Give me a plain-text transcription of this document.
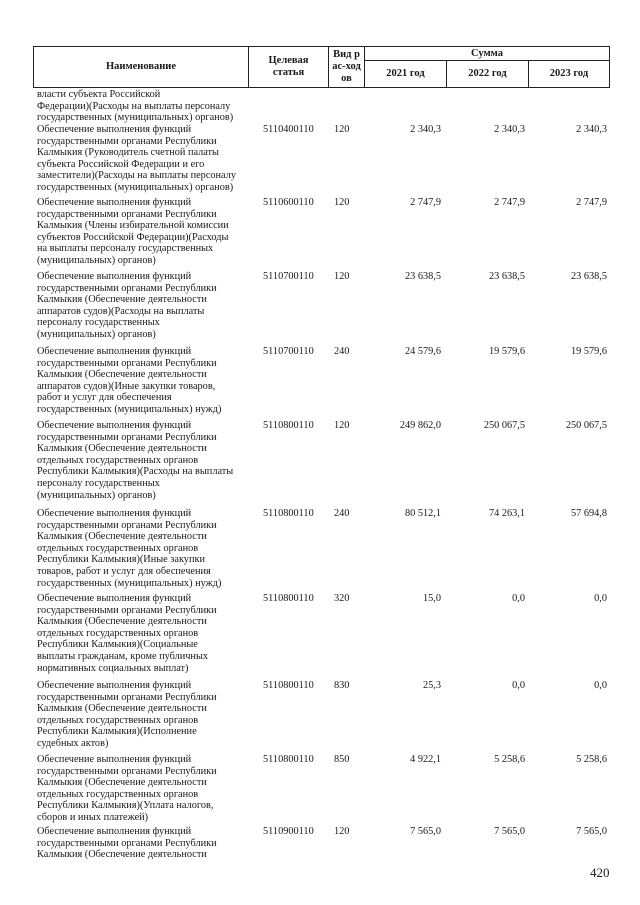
Наименование
Целевая статья
Вид рас-ходов
Сумма
2021 год	2022 год	2023 год
власти субъекта Российской
Федерации)(Расходы на выплаты персоналу
государственных (муниципальных) органов)
Обеспечение выполнения функций
государственными органами Республики
Калмыкия (Руководитель счетной палаты
субъекта Российской Федерации и его
заместители)(Расходы на выплаты персоналу
государственных (муниципальных) органов)
5110400110 120	2 340,3	2 340,3	2 340,3
Обеспечение выполнения функций
государственными органами Республики
Калмыкия (Члены избирательной комиссии
субъектов Российской Федерации)(Расходы
на выплаты персоналу государственных
(муниципальных) органов)
5110600110 120	2 747,9	2 747,9	2 747,9
Обеспечение выполнения функций
государственными органами Республики
Калмыкия (Обеспечение деятельности
аппаратов судов)(Расходы на выплаты
персоналу государственных
(муниципальных) органов)
5110700110 120	23 638,5	23 638,5	23 638,5
Обеспечение выполнения функций
государственными органами Республики
Калмыкия (Обеспечение деятельности
аппаратов судов)(Иные закупки товаров,
работ и услуг для обеспечения
государственных (муниципальных) нужд)
5110700110 240	24 579,6	19 579,6	19 579,6
Обеспечение выполнения функций
государственными органами Республики
Калмыкия (Обеспечение деятельности
отдельных государственных органов
Республики Калмыкия)(Расходы на выплаты
персоналу государственных
(муниципальных) органов)
5110800110 120	249 862,0	250 067,5	250 067,5
Обеспечение выполнения функций
государственными органами Республики
Калмыкия (Обеспечение деятельности
отдельных государственных органов
Республики Калмыкия)(Иные закупки
товаров, работ и услуг для обеспечения
государственных (муниципальных) нужд)
5110800110 240	80 512,1	74 263,1	57 694,8
Обеспечение выполнения функций
государственными органами Республики
Калмыкия (Обеспечение деятельности
отдельных государственных органов
Республики Калмыкия)(Социальные
выплаты гражданам, кроме публичных
нормативных социальных выплат)
5110800110 320	15,0	0,0	0,0
Обеспечение выполнения функций
государственными органами Республики
Калмыкия (Обеспечение деятельности
отдельных государственных органов
Республики Калмыкия)(Исполнение
судебных актов)
5110800110 830	25,3	0,0	0,0
Обеспечение выполнения функций
государственными органами Республики
Калмыкия (Обеспечение деятельности
отдельных государственных органов
Республики Калмыкия)(Уплата налогов,
сборов и иных платежей)
5110800110 850	4 922,1	5 258,6	5 258,6
Обеспечение выполнения функций
государственными органами Республики
Калмыкия (Обеспечение деятельности
5110900110 120	7 565,0	7 565,0	7 565,0
420
